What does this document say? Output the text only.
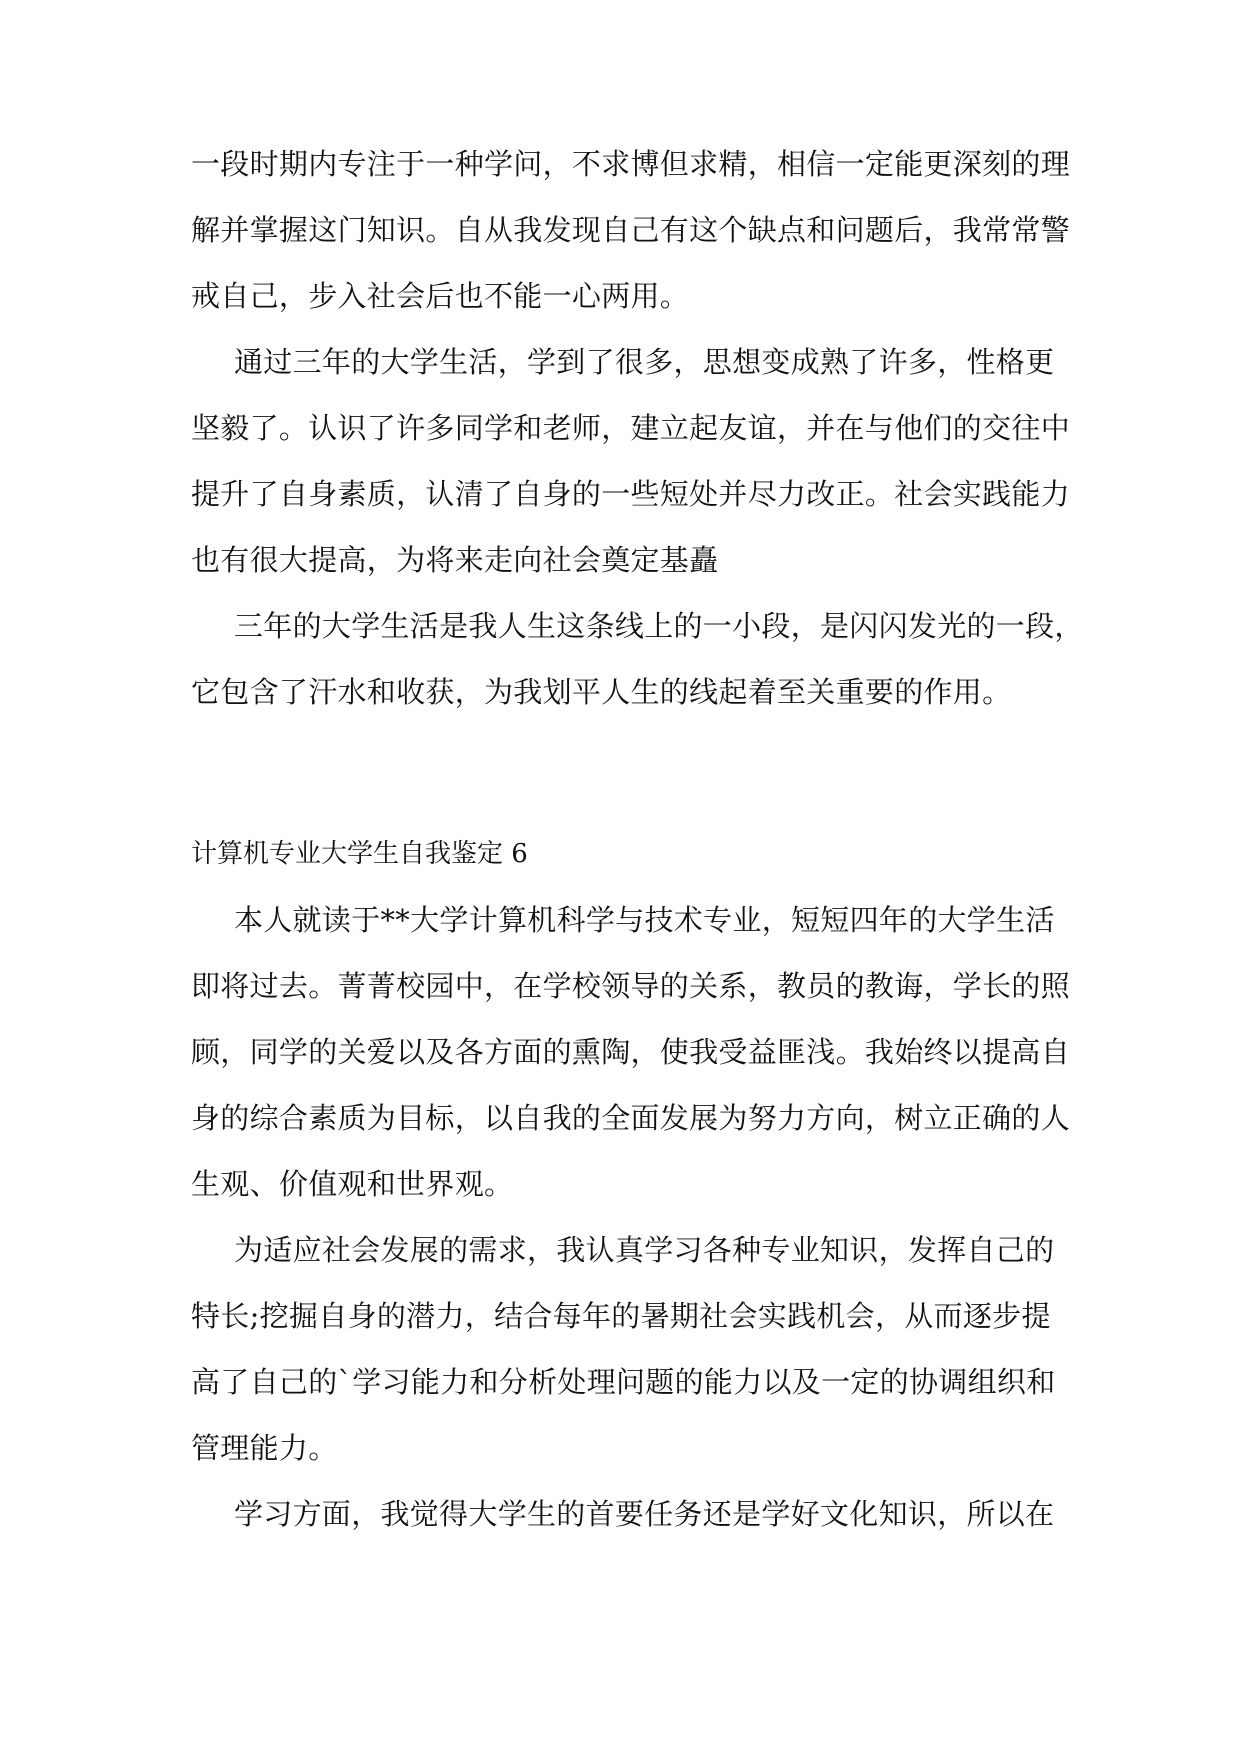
一段时期内专注于一种学问，不求博但求精，相信一定能更深刻的理
解并掌握这门知识。自从我发现自己有这个缺点和问题后，我常常警
戒自己，步入社会后也不能一心两用。
通过三年的大学生活，学到了很多，思想变成熟了许多，性格更
坚毅了。认识了许多同学和老师，建立起友谊，并在与他们的交往中
提升了自身素质，认清了自身的一些短处并尽力改正。社会实践能力
也有很大提高，为将来走向社会奠定基矗
三年的大学生活是我人生这条线上的一小段，是闪闪发光的一段，
它包含了汗水和收获，为我划平人生的线起着至关重要的作用。
计算机专业大学生自我鉴定 6
本人就读于**大学计算机科学与技术专业，短短四年的大学生活
即将过去。菁菁校园中，在学校领导的关系，教员的教诲，学长的照
顾，同学的关爱以及各方面的熏陶，使我受益匪浅。我始终以提高自
身的综合素质为目标，以自我的全面发展为努力方向，树立正确的人
生观、价值观和世界观。
为适应社会发展的需求，我认真学习各种专业知识，发挥自己的
特长;挖掘自身的潜力，结合每年的暑期社会实践机会，从而逐步提
高了自己的`学习能力和分析处理问题的能力以及一定的协调组织和
管理能力。
学习方面，我觉得大学生的首要任务还是学好文化知识，所以在
